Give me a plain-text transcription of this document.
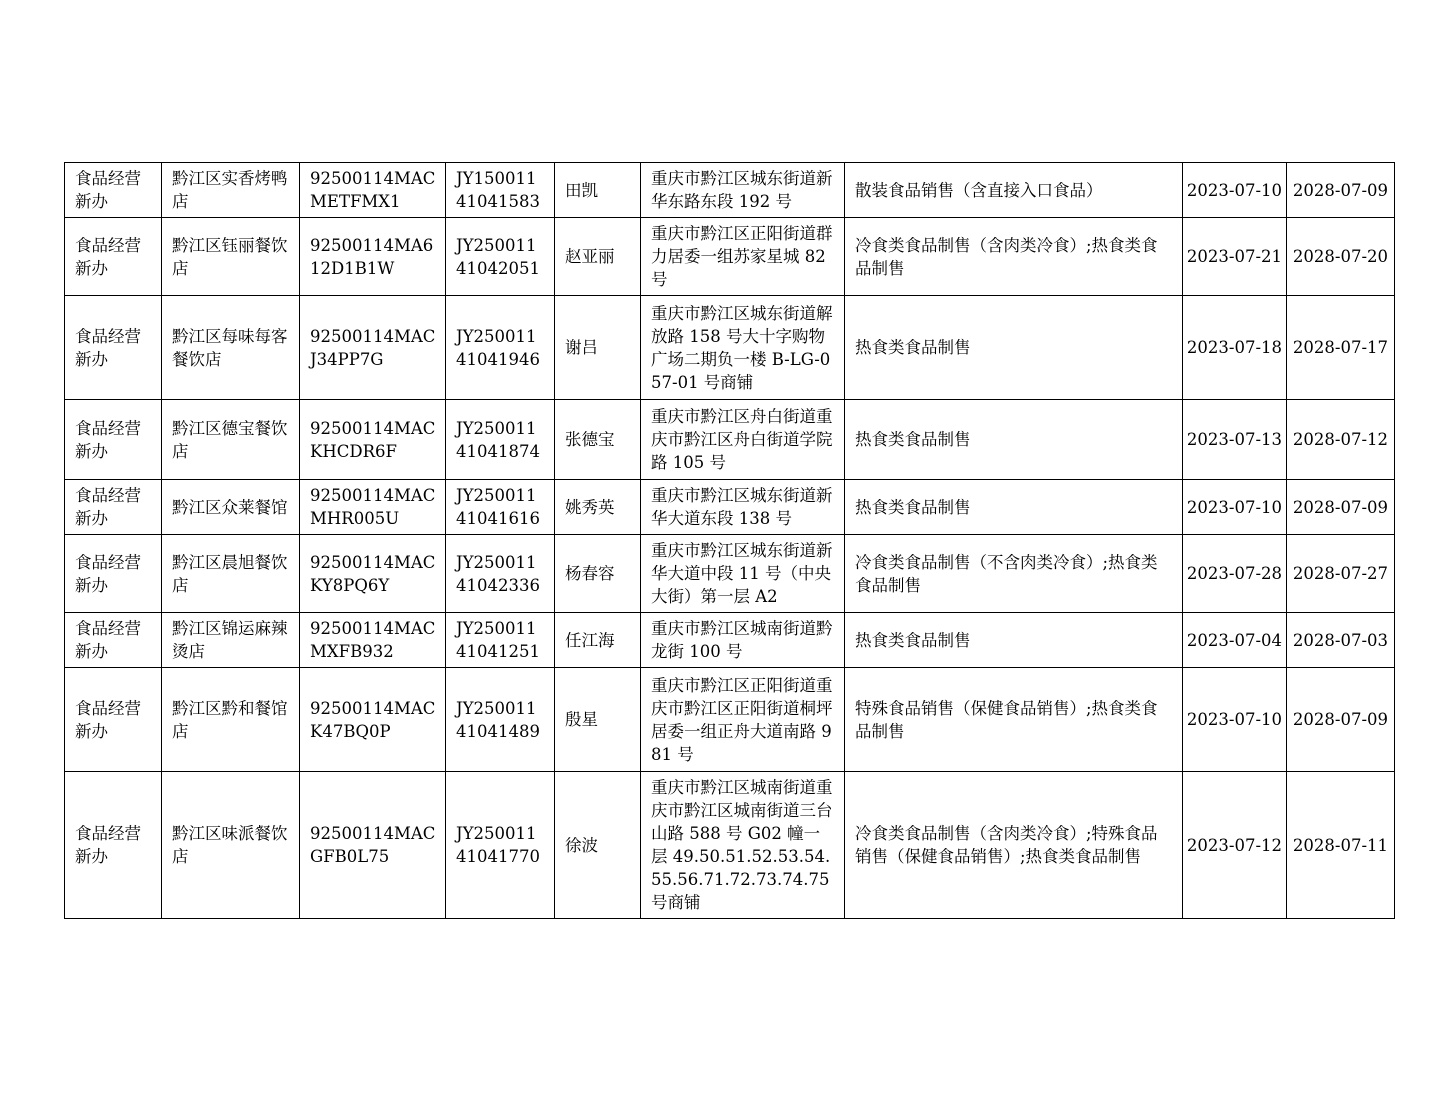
食品经营新办	黔江区实香烤鸭店	92500114MACMETFMX1	JY15001141041583	田凯	重庆市黔江区城东街道新华东路东段 192 号	散装食品销售（含直接入口食品）	2023-07-10	2028-07-09
食品经营新办	黔江区钰丽餐饮店	92500114MA612D1B1W	JY25001141042051	赵亚丽	重庆市黔江区正阳街道群力居委一组苏家星城 82 号	冷食类食品制售（含肉类冷食）;热食类食品制售	2023-07-21	2028-07-20
食品经营新办	黔江区每味每客餐饮店	92500114MACJ34PP7G	JY25001141041946	谢吕	重庆市黔江区城东街道解放路 158 号大十字购物广场二期负一楼 B-LG-057-01 号商铺	热食类食品制售	2023-07-18	2028-07-17
食品经营新办	黔江区德宝餐饮店	92500114MACKHCDR6F	JY25001141041874	张德宝	重庆市黔江区舟白街道重庆市黔江区舟白街道学院路 105 号	热食类食品制售	2023-07-13	2028-07-12
食品经营新办	黔江区众莱餐馆	92500114MACMHR005U	JY25001141041616	姚秀英	重庆市黔江区城东街道新华大道东段 138 号	热食类食品制售	2023-07-10	2028-07-09
食品经营新办	黔江区晨旭餐饮店	92500114MACKY8PQ6Y	JY25001141042336	杨春容	重庆市黔江区城东街道新华大道中段 11 号（中央大街）第一层 A2	冷食类食品制售（不含肉类冷食）;热食类食品制售	2023-07-28	2028-07-27
食品经营新办	黔江区锦运麻辣烫店	92500114MACMXFB932	JY25001141041251	任江海	重庆市黔江区城南街道黔龙街 100 号	热食类食品制售	2023-07-04	2028-07-03
食品经营新办	黔江区黔和餐馆店	92500114MACK47BQ0P	JY25001141041489	殷星	重庆市黔江区正阳街道重庆市黔江区正阳街道桐坪居委一组正舟大道南路 981 号	特殊食品销售（保健食品销售）;热食类食品制售	2023-07-10	2028-07-09
食品经营新办	黔江区味派餐饮店	92500114MACGFB0L75	JY25001141041770	徐波	重庆市黔江区城南街道重庆市黔江区城南街道三台山路 588 号 G02 幢一层 49.50.51.52.53.54.55.56.71.72.73.74.75 号商铺	冷食类食品制售（含肉类冷食）;特殊食品销售（保健食品销售）;热食类食品制售	2023-07-12	2028-07-11
